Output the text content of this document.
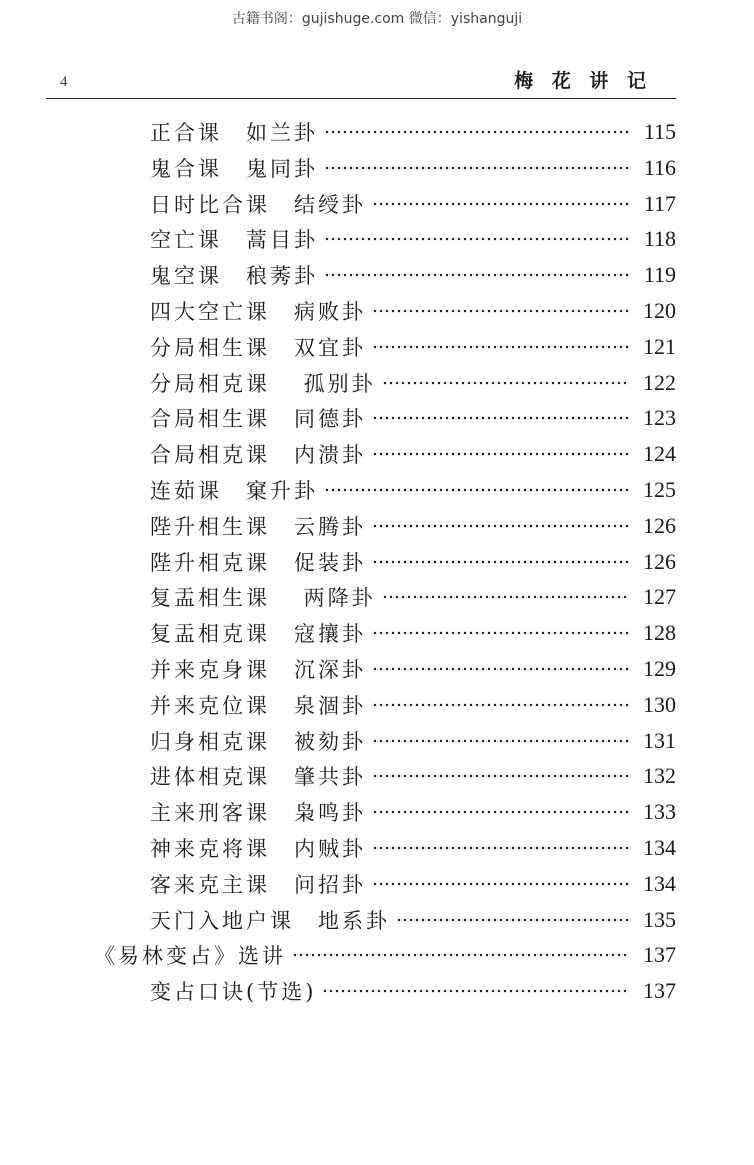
古籍书阁：gujishuge.com 微信：yishanguji
4	梅 花 讲 记
正合课　如兰卦	115
鬼合课　鬼同卦	116
日时比合课　结绶卦	117
空亡课　蒿目卦	118
鬼空课　稂莠卦	119
四大空亡课　病败卦	120
分局相生课　双宜卦	121
分局相克课　 孤别卦	122
合局相生课　同德卦	123
合局相克课　内溃卦	124
连茹课　窠升卦	125
陛升相生课　云腾卦	126
陛升相克课　促装卦	126
复盂相生课　 两降卦	127
复盂相克课　寇攘卦	128
并来克身课　沉深卦	129
并来克位课　泉涸卦	130
归身相克课　被劾卦	131
进体相克课　肇共卦	132
主来刑客课　枭鸣卦	133
神来克将课　内贼卦	134
客来克主课　问招卦	134
天门入地户课　地系卦	135
《易林变占》选讲	137
变占口诀(节选)	137
